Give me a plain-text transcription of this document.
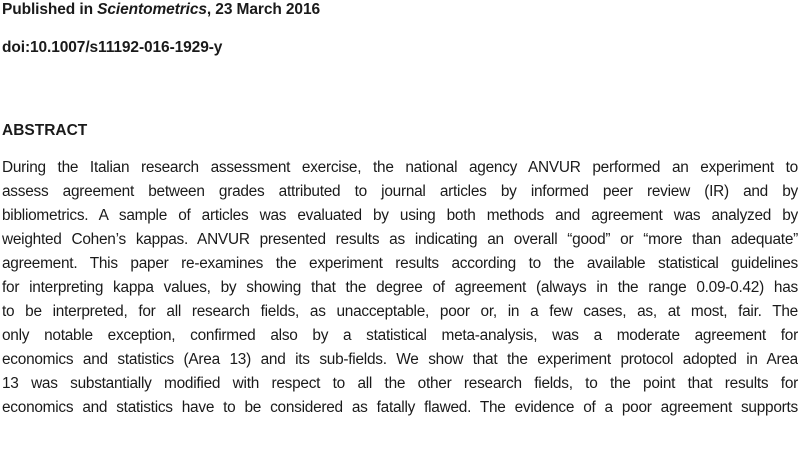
Published in Scientometrics, 23 March 2016
doi:10.1007/s11192-016-1929-y
ABSTRACT
During the Italian research assessment exercise, the national agency ANVUR performed an experiment to
assess agreement between grades attributed to journal articles by informed peer review (IR) and by
bibliometrics. A sample of articles was evaluated by using both methods and agreement was analyzed by
weighted Cohen’s kappas. ANVUR presented results as indicating an overall “good” or “more than adequate”
agreement. This paper re-examines the experiment results according to the available statistical guidelines
for interpreting kappa values, by showing that the degree of agreement (always in the range 0.09-0.42) has
to be interpreted, for all research fields, as unacceptable, poor or, in a few cases, as, at most, fair. The
only notable exception, confirmed also by a statistical meta-analysis, was a moderate agreement for
economics and statistics (Area 13) and its sub-fields. We show that the experiment protocol adopted in Area
13 was substantially modified with respect to all the other research fields, to the point that results for
economics and statistics have to be considered as fatally flawed. The evidence of a poor agreement supports
